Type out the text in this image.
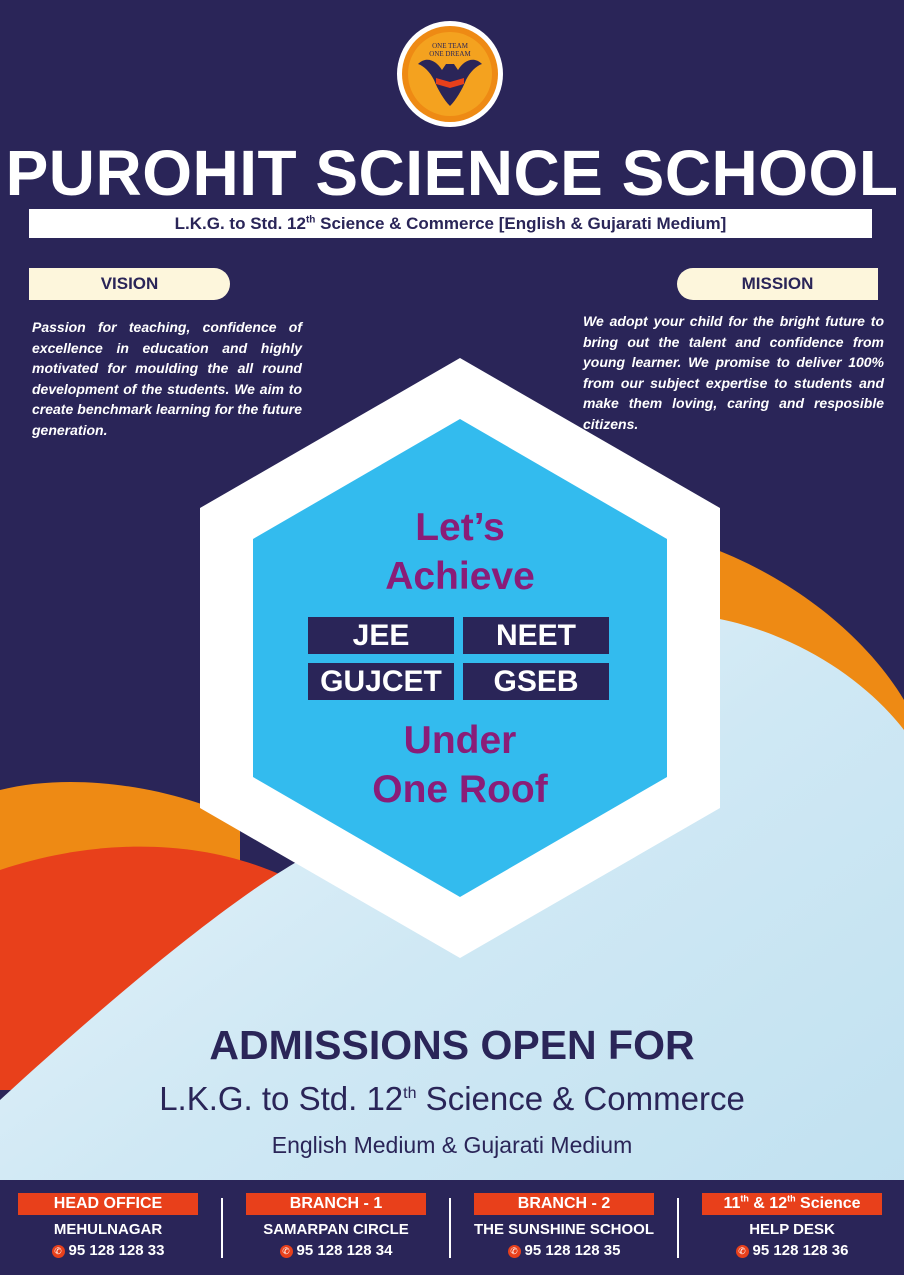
ONE TEAM
ONE DREAM
PUROHIT SCIENCE SCHOOL
L.K.G. to Std. 12th Science & Commerce [English & Gujarati Medium]
VISION
Passion for teaching, confidence of excellence in education and highly motivated for moulding the all round development of the students. We aim to create benchmark learning for the future generation.
MISSION
We adopt your child for the bright future to bring out the talent and confidence from young learner. We promise to deliver 100% from our subject expertise to students and make them loving, caring and resposible citizens.
Let’s
Achieve
JEE	NEET
GUJCET	GSEB
Under
One Roof
ADMISSIONS OPEN FOR
L.K.G. to Std. 12th Science & Commerce
English Medium & Gujarati Medium
HEAD OFFICE
MEHULNAGAR
✆ 95 128 128 33
BRANCH - 1
SAMARPAN CIRCLE
✆ 95 128 128 34
BRANCH - 2
THE SUNSHINE SCHOOL
✆ 95 128 128 35
11th & 12th Science
HELP DESK
✆ 95 128 128 36
